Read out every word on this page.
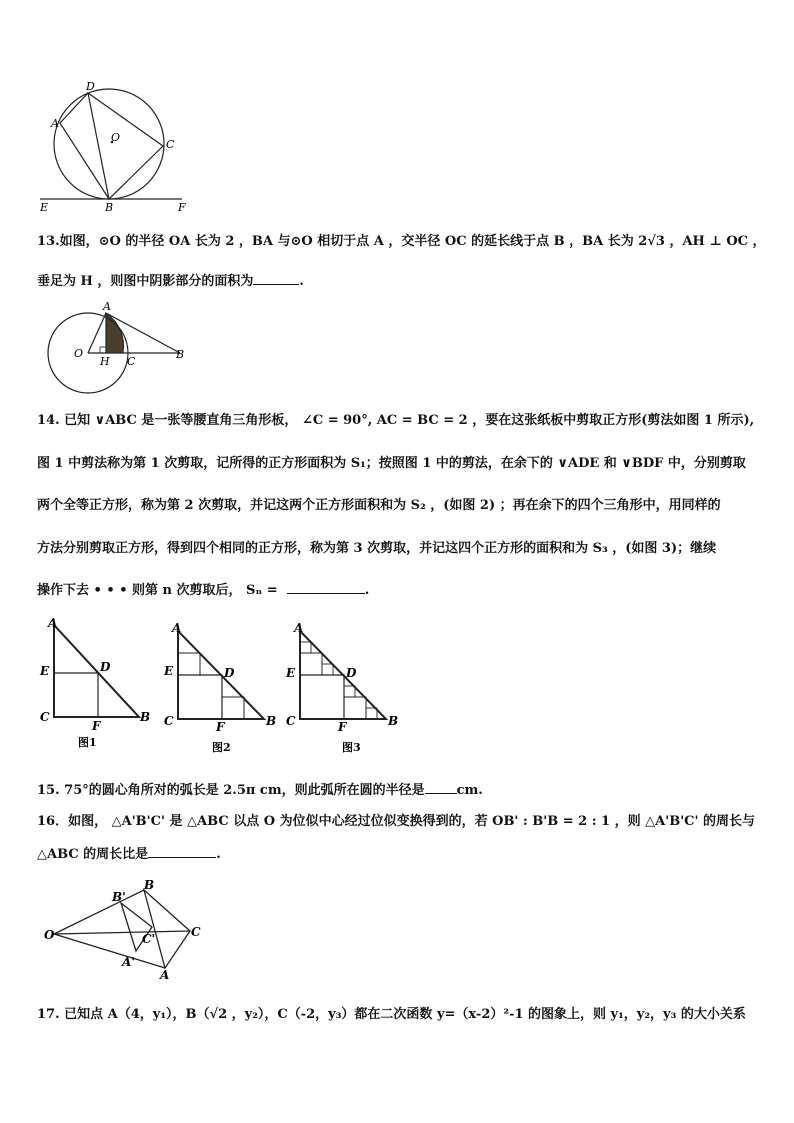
D
A
O
C
E	B	F
13.如图，⊙O 的半径 OA 长为 2 ，BA 与⊙O 相切于点 A ，交半径 OC 的延长线于点 B ，BA 长为 2√3 ，AH ⊥ OC ，
垂足为 H ，则图中阴影部分的面积为	.
A
O
H C
B
14. 已知 ∨ABC 是一张等腰直角三角形板， ∠C = 90°, AC = BC = 2 ，要在这张纸板中剪取正方形(剪法如图 1 所示),
图 1 中剪法称为第 1 次剪取，记所得的正方形面积为 S₁；按照图 1 中的剪法，在余下的 ∨ADE 和 ∨BDF 中，分别剪取
两个全等正方形，称为第 2 次剪取，并记这两个正方形面积和为 S₂ ，(如图 2) ；再在余下的四个三角形中，用同样的
方法分别剪取正方形，得到四个相同的正方形，称为第 3 次剪取，并记这四个正方形的面积和为 S₃ ，(如图 3)；继续
操作下去 • • • 则第 n 次剪取后， Sₙ =	.
A
E	D
C
F
B
图1
A
E	D
C	F	B
图2
A
E	D
C	F	B
图3
15. 75°的圆心角所对的弧长是 2.5π cm，则此弧所在圆的半径是 cm.
16．如图， △A'B'C' 是 △ABC 以点 O 为位似中心经过位似变换得到的，若 OB' : B'B = 2 : 1 ，则 △A'B'C' 的周长与
△ABC 的周长比是	.
O
B'
B
C'	C
A'
A
17. 已知点 A（4，y₁），B（√2 ，y₂），C（-2，y₃）都在二次函数 y=（x-2）²-1 的图象上，则 y₁，y₂，y₃ 的大小关系
